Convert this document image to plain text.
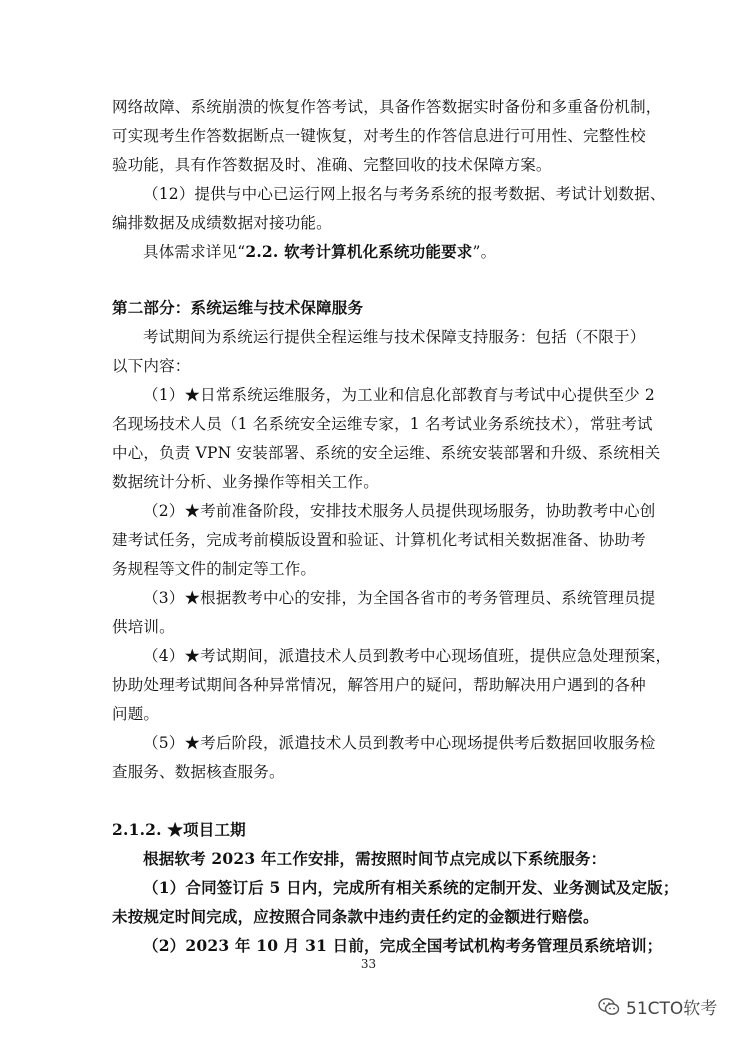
网络故障、系统崩溃的恢复作答考试，具备作答数据实时备份和多重备份机制，
可实现考生作答数据断点一键恢复，对考生的作答信息进行可用性、完整性校
验功能，具有作答数据及时、准确、完整回收的技术保障方案。
（12）提供与中心已运行网上报名与考务系统的报考数据、考试计划数据、
编排数据及成绩数据对接功能。
具体需求详见“2.2. 软考计算机化系统功能要求”。
第二部分：系统运维与技术保障服务
考试期间为系统运行提供全程运维与技术保障支持服务：包括（不限于）
以下内容：
（1）★日常系统运维服务，为工业和信息化部教育与考试中心提供至少 2
名现场技术人员（1 名系统安全运维专家，1 名考试业务系统技术），常驻考试
中心，负责 VPN 安装部署、系统的安全运维、系统安装部署和升级、系统相关
数据统计分析、业务操作等相关工作。
（2）★考前准备阶段，安排技术服务人员提供现场服务，协助教考中心创
建考试任务，完成考前模版设置和验证、计算机化考试相关数据准备、协助考
务规程等文件的制定等工作。
（3）★根据教考中心的安排，为全国各省市的考务管理员、系统管理员提
供培训。
（4）★考试期间，派遣技术人员到教考中心现场值班，提供应急处理预案，
协助处理考试期间各种异常情况，解答用户的疑问，帮助解决用户遇到的各种
问题。
（5）★考后阶段，派遣技术人员到教考中心现场提供考后数据回收服务检
查服务、数据核查服务。
2.1.2. ★项目工期
根据软考 2023 年工作安排，需按照时间节点完成以下系统服务：
（1）合同签订后 5 日内，完成所有相关系统的定制开发、业务测试及定版；
未按规定时间完成，应按照合同条款中违约责任约定的金额进行赔偿。
（2）2023 年 10 月 31 日前，完成全国考试机构考务管理员系统培训；
33
51CTO软考
